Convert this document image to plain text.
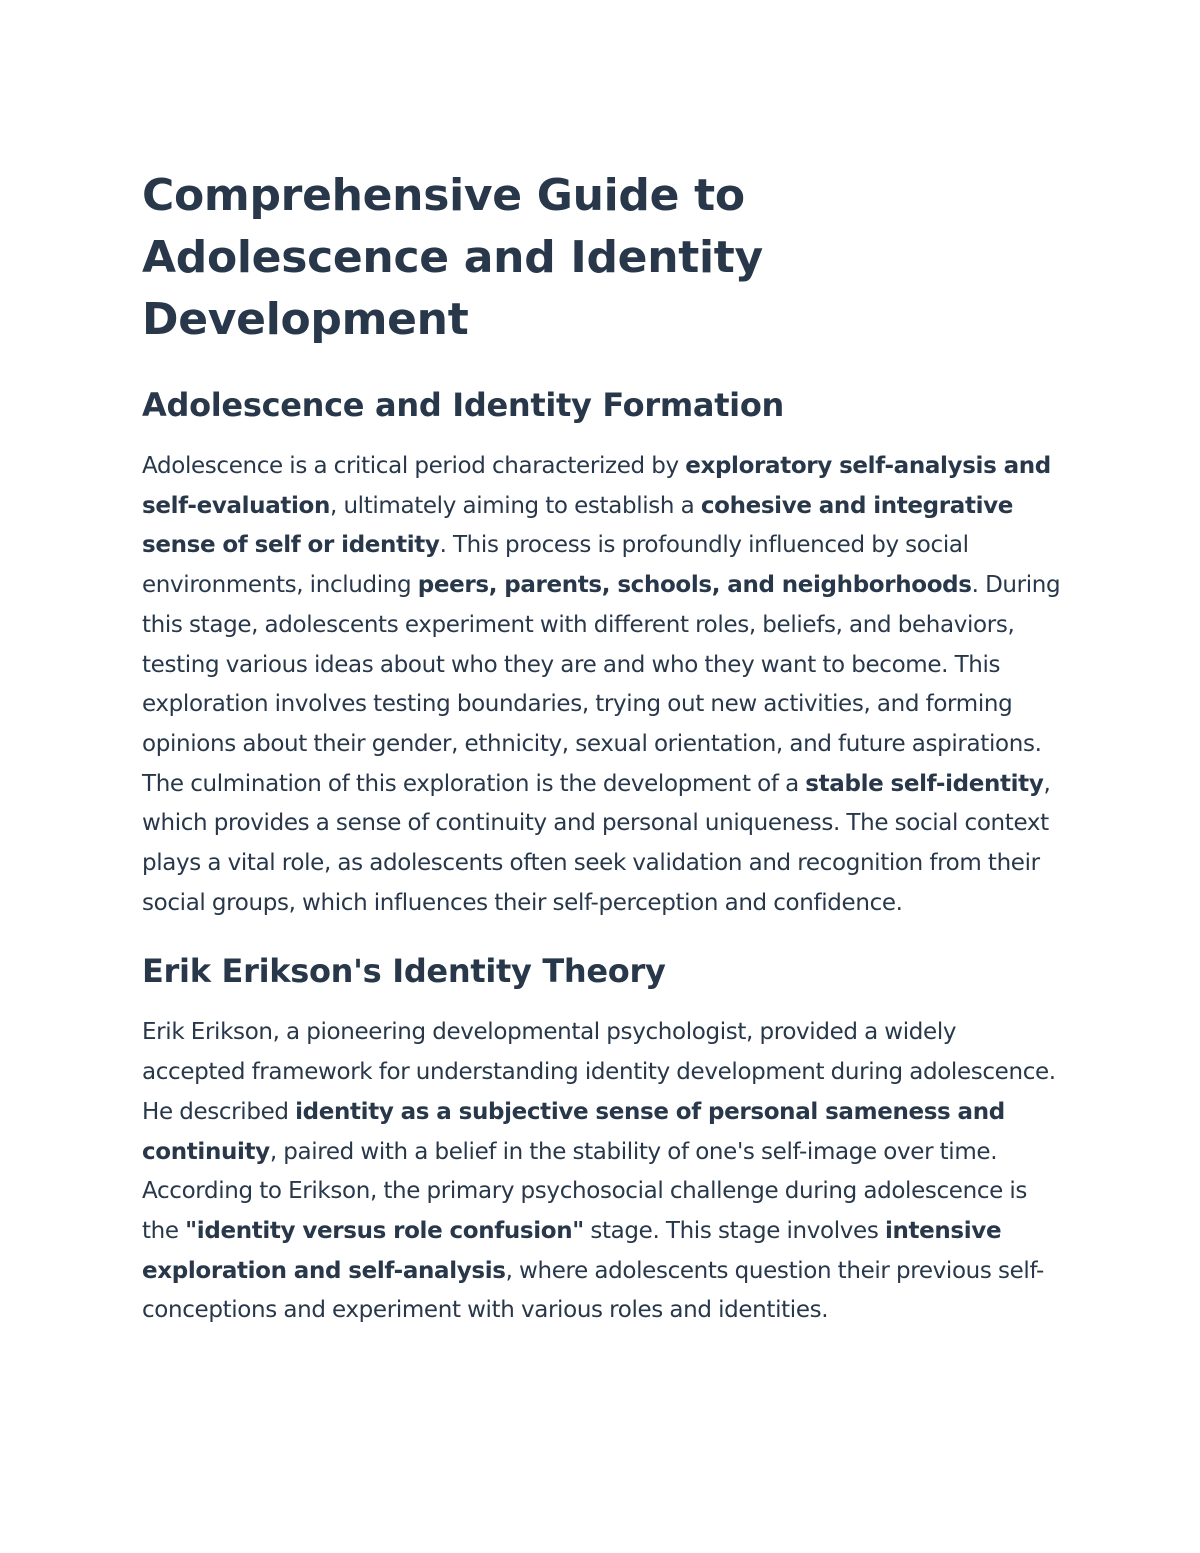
Comprehensive Guide to Adolescence and Identity Development
Adolescence and Identity Formation

Adolescence is a critical period characterized by exploratory self-analysis and self-evaluation, ultimately aiming to establish a cohesive and integrative sense of self or identity. This process is profoundly influenced by social environments, including peers, parents, schools, and neighborhoods. During this stage, adolescents experiment with different roles, beliefs, and behaviors, testing various ideas about who they are and who they want to become. This exploration involves testing boundaries, trying out new activities, and forming opinions about their gender, ethnicity, sexual orientation, and future aspirations. The culmination of this exploration is the development of a stable self-identity, which provides a sense of continuity and personal uniqueness. The social context plays a vital role, as adolescents often seek validation and recognition from their social groups, which influences their self-perception and confidence.

Erik Erikson's Identity Theory

Erik Erikson, a pioneering developmental psychologist, provided a widely accepted framework for understanding identity development during adolescence. He described identity as a subjective sense of personal sameness and continuity, paired with a belief in the stability of one's self-image over time. According to Erikson, the primary psychosocial challenge during adolescence is the "identity versus role confusion" stage. This stage involves intensive exploration and self-analysis, where adolescents question their previous self-conceptions and experiment with various roles and identities.
